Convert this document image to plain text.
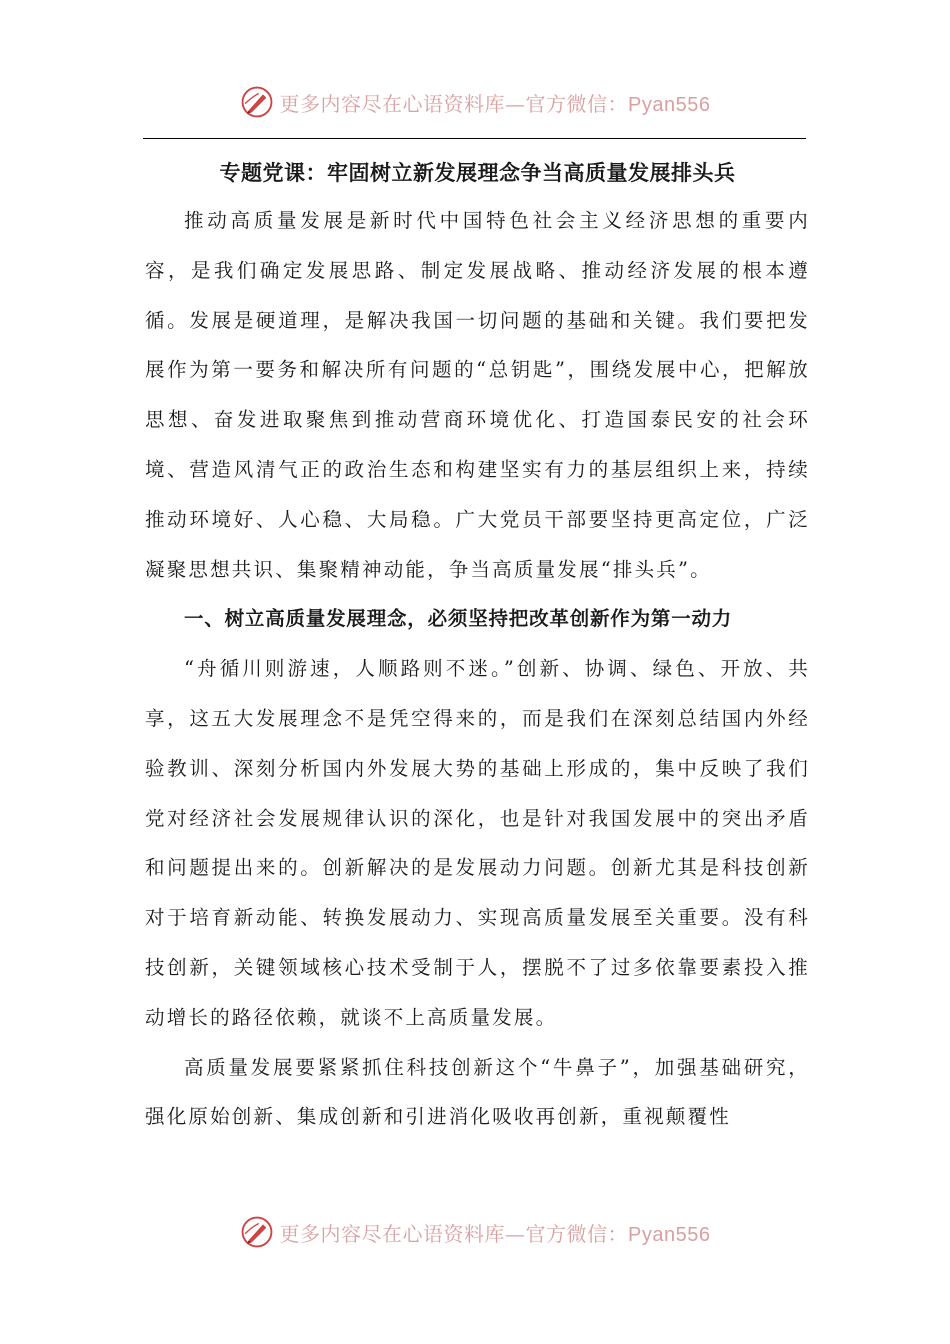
更多内容尽在心语资料库—官方微信：Pyan556
专题党课：牢固树立新发展理念争当高质量发展排头兵

推动高质量发展是新时代中国特色社会主义经济思想的重要内容，是我们确定发展思路、制定发展战略、推动经济发展的根本遵循。发展是硬道理，是解决我国一切问题的基础和关键。我们要把发展作为第一要务和解决所有问题的“总钥匙”，围绕发展中心，把解放思想、奋发进取聚焦到推动营商环境优化、打造国泰民安的社会环境、营造风清气正的政治生态和构建坚实有力的基层组织上来，持续推动环境好、人心稳、大局稳。广大党员干部要坚持更高定位，广泛凝聚思想共识、集聚精神动能，争当高质量发展“排头兵”。

一、树立高质量发展理念，必须坚持把改革创新作为第一动力

“舟循川则游速，人顺路则不迷。”创新、协调、绿色、开放、共享，这五大发展理念不是凭空得来的，而是我们在深刻总结国内外经验教训、深刻分析国内外发展大势的基础上形成的，集中反映了我们党对经济社会发展规律认识的深化，也是针对我国发展中的突出矛盾和问题提出来的。创新解决的是发展动力问题。创新尤其是科技创新对于培育新动能、转换发展动力、实现高质量发展至关重要。没有科技创新，关键领域核心技术受制于人，摆脱不了过多依靠要素投入推动增长的路径依赖，就谈不上高质量发展。

高质量发展要紧紧抓住科技创新这个“牛鼻子”，加强基础研究，强化原始创新、集成创新和引进消化吸收再创新，重视颠覆性

更多内容尽在心语资料库—官方微信：Pyan556
